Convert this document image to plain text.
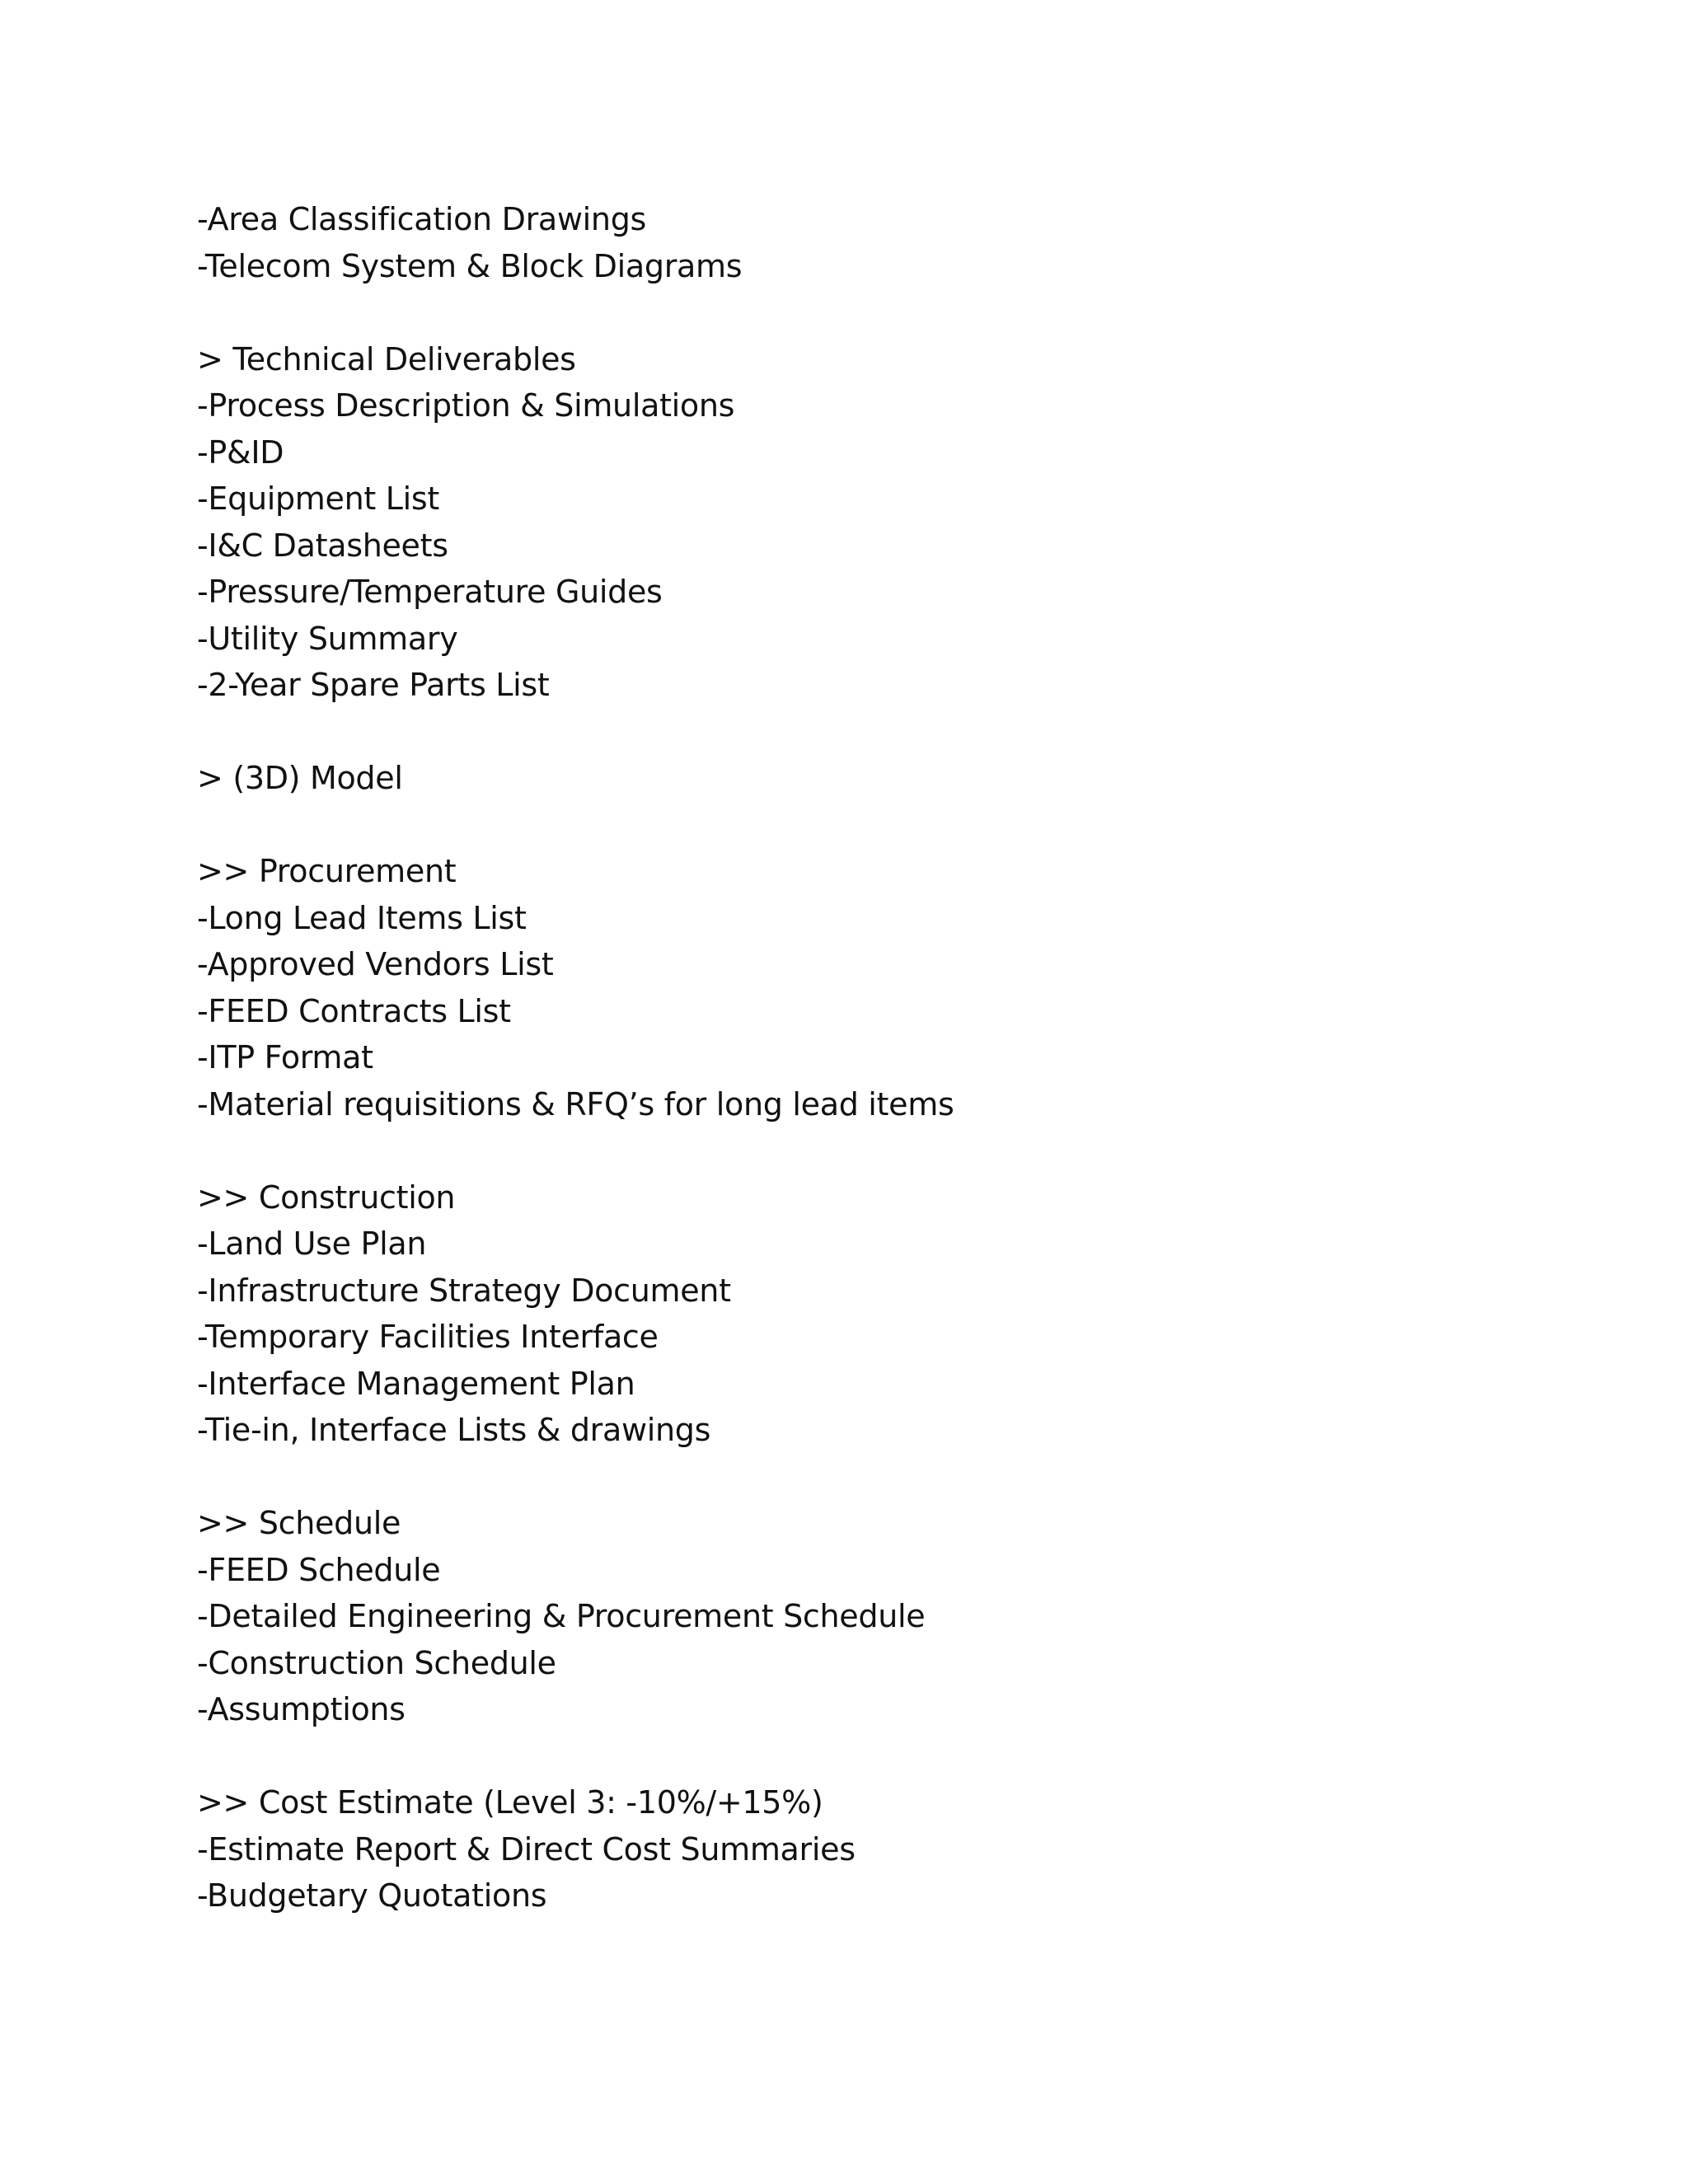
-Area Classification Drawings
-Telecom System & Block Diagrams
> Technical Deliverables
-Process Description & Simulations
-P&ID
-Equipment List
-I&C Datasheets
-Pressure/Temperature Guides
-Utility Summary
-2-Year Spare Parts List
> (3D) Model
>> Procurement
-Long Lead Items List
-Approved Vendors List
-FEED Contracts List
-ITP Format
-Material requisitions & RFQ’s for long lead items
>> Construction
-Land Use Plan
-Infrastructure Strategy Document
-Temporary Facilities Interface
-Interface Management Plan
-Tie-in, Interface Lists & drawings
>> Schedule
-FEED Schedule
-Detailed Engineering & Procurement Schedule
-Construction Schedule
-Assumptions
>> Cost Estimate (Level 3: -10%/+15%)
-Estimate Report & Direct Cost Summaries
-Budgetary Quotations
